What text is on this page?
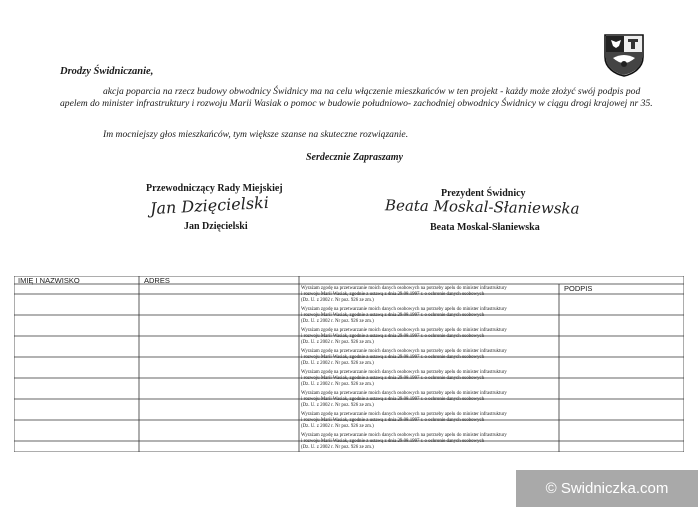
Drodzy Świdniczanie,
akcja poparcia na rzecz budowy obwodnicy Świdnicy ma na celu włączenie mieszkańców w ten projekt - każdy może złożyć swój podpis pod apelem do minister infrastruktury i rozwoju Marii Wasiak o pomoc w budowie południowo- zachodniej obwodnicy Świdnicy w ciągu drogi krajowej nr 35.
Im mocniejszy głos mieszkańców, tym większe szanse na skuteczne rozwiązanie.
Serdecznie Zapraszamy
Przewodniczący Rady Miejskiej
Jan Dzięcielski
Jan Dzięcielski
Prezydent Świdnicy
Beata Moskal-Słaniewska
Beata Moskal-Słaniewska
IMIĘ I NAZWISKO	ADRES
PODPIS
Wyrażam zgodę na przetwarzanie moich danych osobowych na potrzeby apelu do minister infrastruktury
i rozwoju Marii Wasiak, zgodnie z ustawą z dnia 29.08.1997 r. o ochronie danych osobowych
(Dz. U. z 2002 r. Nr poz. 926 ze zm.)
Wyrażam zgodę na przetwarzanie moich danych osobowych na potrzeby apelu do minister infrastruktury
i rozwoju Marii Wasiak, zgodnie z ustawą z dnia 29.08.1997 r. o ochronie danych osobowych
(Dz. U. z 2002 r. Nr poz. 926 ze zm.)
Wyrażam zgodę na przetwarzanie moich danych osobowych na potrzeby apelu do minister infrastruktury
i rozwoju Marii Wasiak, zgodnie z ustawą z dnia 29.08.1997 r. o ochronie danych osobowych
(Dz. U. z 2002 r. Nr poz. 926 ze zm.)
Wyrażam zgodę na przetwarzanie moich danych osobowych na potrzeby apelu do minister infrastruktury
i rozwoju Marii Wasiak, zgodnie z ustawą z dnia 29.08.1997 r. o ochronie danych osobowych
(Dz. U. z 2002 r. Nr poz. 926 ze zm.)
Wyrażam zgodę na przetwarzanie moich danych osobowych na potrzeby apelu do minister infrastruktury
i rozwoju Marii Wasiak, zgodnie z ustawą z dnia 29.08.1997 r. o ochronie danych osobowych
(Dz. U. z 2002 r. Nr poz. 926 ze zm.)
Wyrażam zgodę na przetwarzanie moich danych osobowych na potrzeby apelu do minister infrastruktury
i rozwoju Marii Wasiak, zgodnie z ustawą z dnia 29.08.1997 r. o ochronie danych osobowych
(Dz. U. z 2002 r. Nr poz. 926 ze zm.)
Wyrażam zgodę na przetwarzanie moich danych osobowych na potrzeby apelu do minister infrastruktury
i rozwoju Marii Wasiak, zgodnie z ustawą z dnia 29.08.1997 r. o ochronie danych osobowych
(Dz. U. z 2002 r. Nr poz. 926 ze zm.)
Wyrażam zgodę na przetwarzanie moich danych osobowych na potrzeby apelu do minister infrastruktury
i rozwoju Marii Wasiak, zgodnie z ustawą z dnia 29.08.1997 r. o ochronie danych osobowych
(Dz. U. z 2002 r. Nr poz. 926 ze zm.)
© Swidniczka.com
